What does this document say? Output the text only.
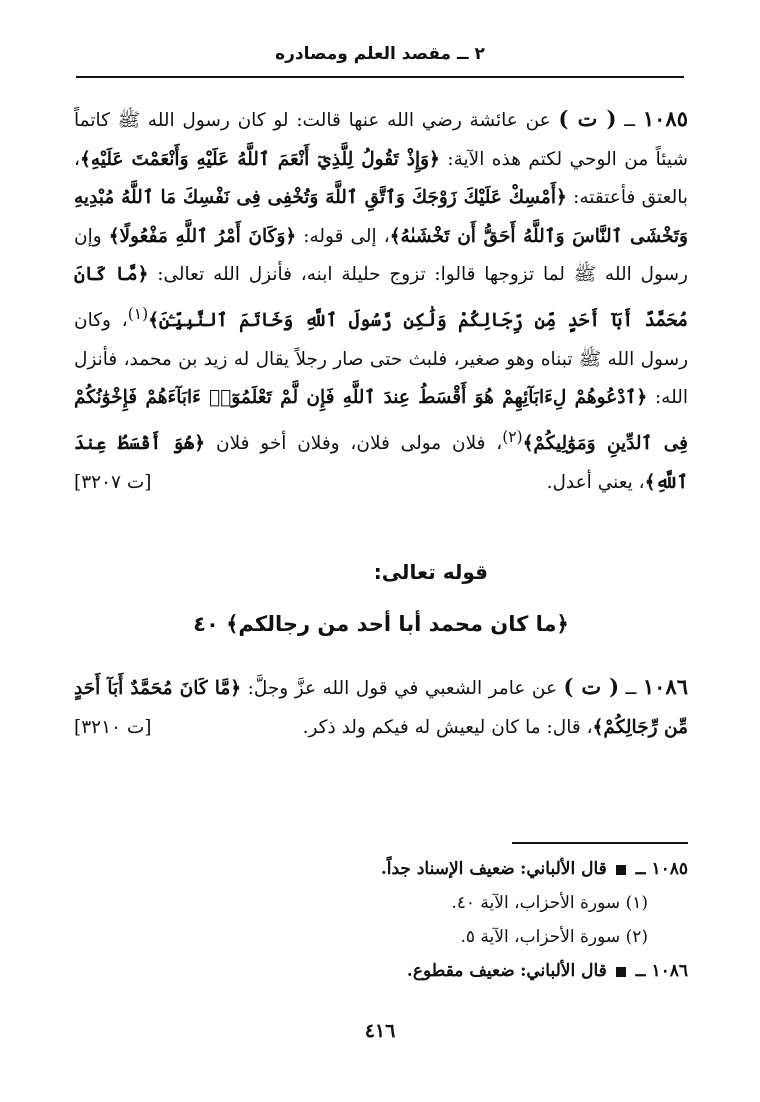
٢ ــ مقصد العلم ومصادره
١٠٨٥ ــ ( ت ) عن عائشة رضي الله عنها قالت: لو كان رسول الله ﷺ كاتماً شيئاً من الوحي لكتم هذه الآية: ﴿وَإِذْ تَقُولُ لِلَّذِيٓ أَنْعَمَ ٱللَّهُ عَلَيْهِ وَأَنْعَمْتَ عَلَيْهِ﴾، بالعتق فأعتقته: ﴿أَمْسِكْ عَلَيْكَ زَوْجَكَ وَٱتَّقِ ٱللَّهَ وَتُخْفِى فِى نَفْسِكَ مَا ٱللَّهُ مُبْدِيهِ وَتَخْشَى ٱلنَّاسَ وَٱللَّهُ أَحَقُّ أَن تَخْشَىٰهُ﴾، إلى قوله: ﴿وَكَانَ أَمْرُ ٱللَّهِ مَفْعُولًا﴾ وإن رسول الله ﷺ لما تزوجها قالوا: تزوج حليلة ابنه، فأنزل الله تعالى: ﴿مَّا كَانَ مُحَمَّدٌ أَبَآ أَحَدٍ مِّن رِّجَالِكُمْ وَلَٰكِن رَّسُولَ ٱللَّهِ وَخَاتَمَ ٱلنَّبِيِّـۧنَ﴾$^{(١)}$، وكان رسول الله ﷺ تبناه وهو صغير، فلبث حتى صار رجلاً يقال له زيد بن محمد، فأنزل الله: ﴿ٱدْعُوهُمْ لِءَابَآئِهِمْ هُوَ أَقْسَطُ عِندَ ٱللَّهِ فَإِن لَّمْ تَعْلَمُوٓا۟ ءَابَآءَهُمْ فَإِخْوَٰنُكُمْ فِى ٱلدِّينِ وَمَوَٰلِيكُمْ﴾$^{(٢)}$، فلان مولى فلان، وفلان أخو فلان ﴿هُوَ أَقْسَطُ عِندَ ٱللَّهِ﴾، يعني أعدل.
[ت ٣٢٠٧]
قوله تعالى:
﴿ما كان محمد أبا أحد من رجالكم﴾ ٤٠
١٠٨٦ ــ ( ت ) عن عامر الشعبي في قول الله عزَّ وجلَّ: ﴿مَّا كَانَ مُحَمَّدٌ أَبَآ أَحَدٍ مِّن رِّجَالِكُمْ﴾، قال: ما كان ليعيش له فيكم ولد ذكر.
[ت ٣٢١٠]
١٠٨٥ ــ  قال الألباني: ضعيف الإسناد جداً.
(١) سورة الأحزاب، الآية ٤٠.
(٢) سورة الأحزاب، الآية ٥.
١٠٨٦ ــ  قال الألباني: ضعيف مقطوع.
٤١٦
